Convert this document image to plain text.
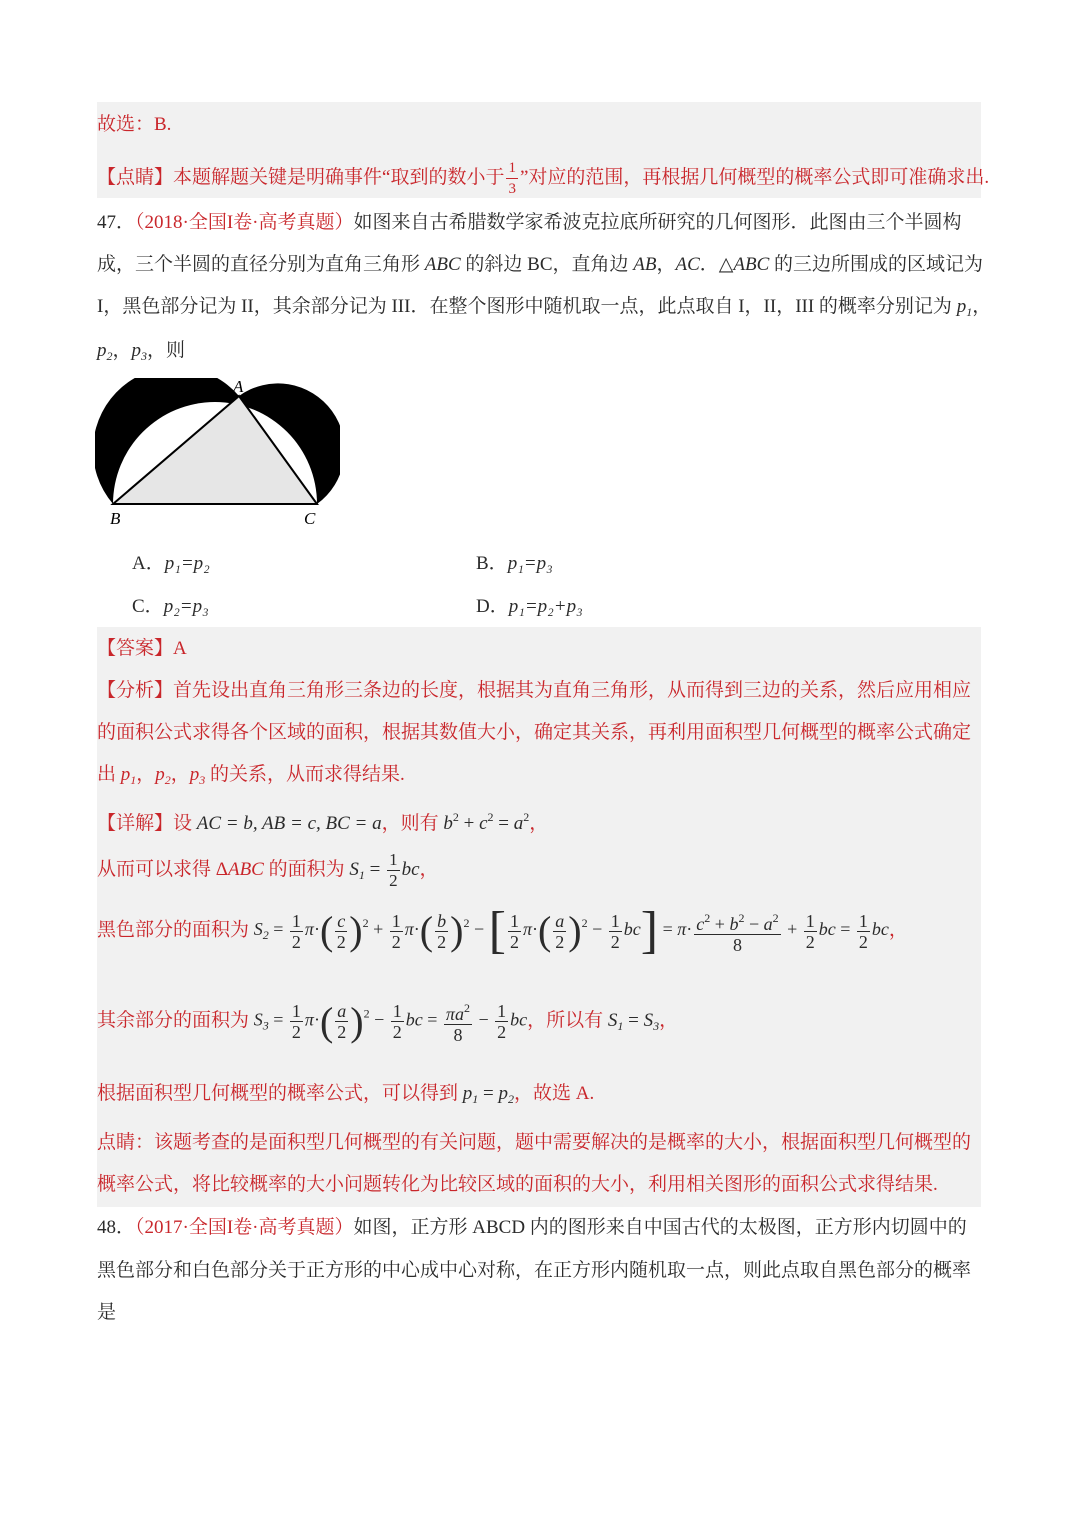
故选：B.
【点睛】本题解题关键是明确事件“取到的数小于 $\frac{1}{3}$ ”对应的范围，再根据几何概型的概率公式即可准确求出.
47．（2018·全国I卷·高考真题）如图来自古希腊数学家希波克拉底所研究的几何图形．此图由三个半圆构
成，三个半圆的直径分别为直角三角形 ABC 的斜边 BC，直角边 AB，AC．△ABC 的三边所围成的区域记为
I，黑色部分记为 II，其余部分记为 III．在整个图形中随机取一点，此点取自 I，II，III 的概率分别记为 $p_1$，
$p_2$，$p_3$，则
A
B	C
A．p₁=p₂	B．p₁=p₃
C．p₂=p₃	D．p₁=p₂+p₃
【答案】A
【分析】首先设出直角三角形三条边的长度，根据其为直角三角形，从而得到三边的关系，然后应用相应
的面积公式求得各个区域的面积，根据其数值大小，确定其关系，再利用面积型几何概型的概率公式确定
出 $p_1$，$p_2$，$p_3$ 的关系，从而求得结果.
【详解】设 AC = b, AB = c, BC = a，则有 $b^2 + c^2 = a^2$，
从而可以求得 ΔABC 的面积为 $S_1 = \frac{1}{2}$ bc，
黑色部分的面积为 $S_2 = \frac{1}{2} \pi\cdot( \frac{c}{2} )^2 + \frac{1}{2} \pi\cdot( \frac{b}{2} )^2$ − [ $\frac{1}{2} \pi\cdot( \frac{a}{2} )^2 - \frac{1}{2} bc] = \pi\cdot \frac{c^2 + b^2 - a^2}{8} + \frac{1}{2}$ bc = $\frac{1}{2}$ bc，
其余部分的面积为 $S_3 = \frac{1}{2} \pi\cdot( \frac{a}{2} )^2 - \frac{1}{2}$ bc = $\frac{\pi a^2}{8} - \frac{1}{2}$ bc，所以有 $S_1 = S_3$，
根据面积型几何概型的概率公式，可以得到 $p_1 = p_2$，故选 A.
点睛：该题考查的是面积型几何概型的有关问题，题中需要解决的是概率的大小，根据面积型几何概型的
概率公式，将比较概率的大小问题转化为比较区域的面积的大小，利用相关图形的面积公式求得结果.
48．（2017·全国I卷·高考真题）如图，正方形 ABCD 内的图形来自中国古代的太极图，正方形内切圆中的
黑色部分和白色部分关于正方形的中心成中心对称，在正方形内随机取一点，则此点取自黑色部分的概率
是
